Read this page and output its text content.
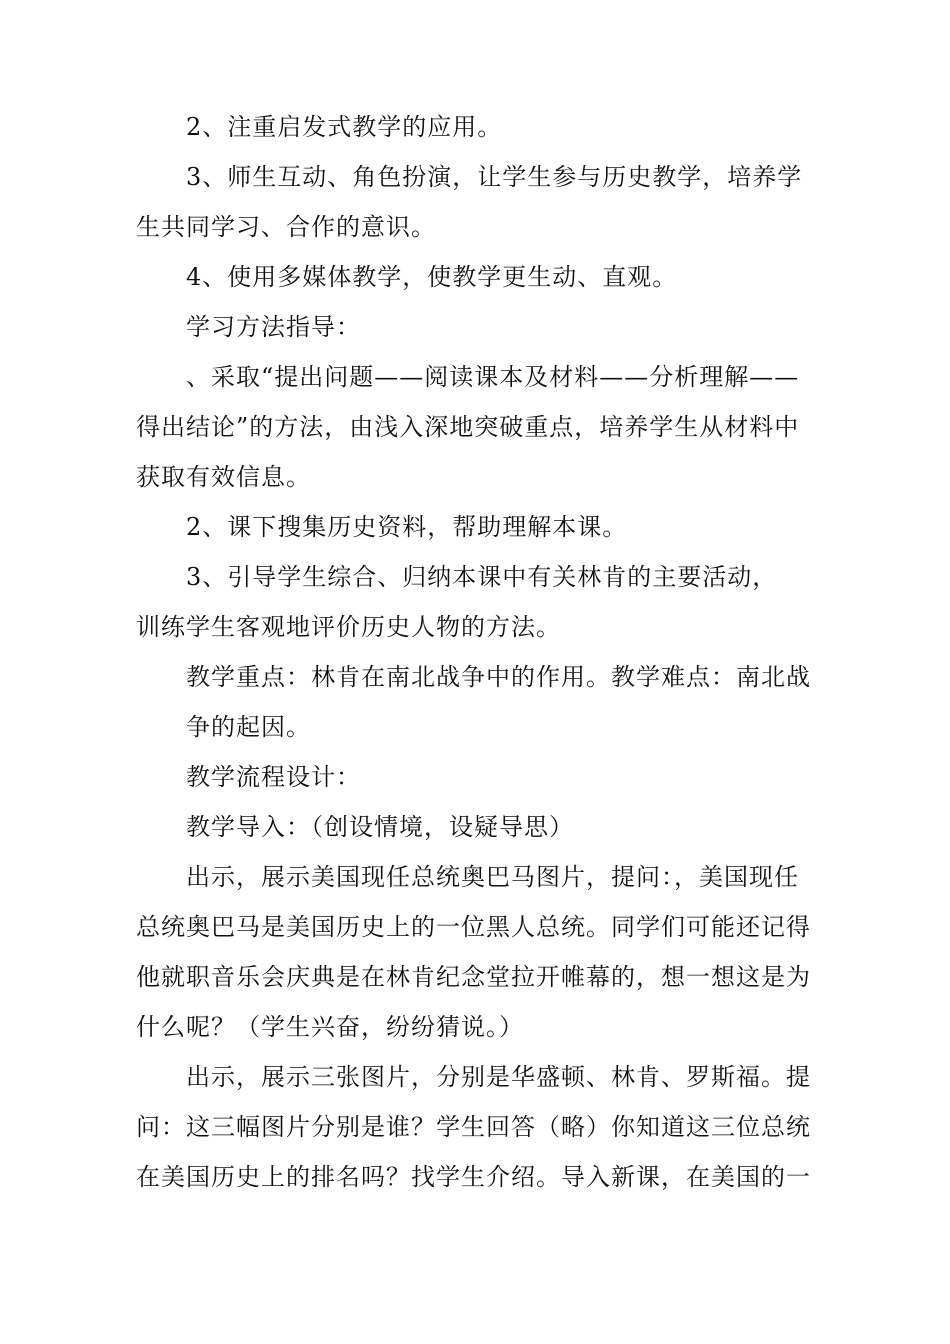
2、注重启发式教学的应用。
3、师生互动、角色扮演，让学生参与历史教学，培养学
生共同学习、合作的意识。
4、使用多媒体教学，使教学更生动、直观。
学习方法指导：
、采取“提出问题——阅读课本及材料——分析理解——
得出结论”的方法，由浅入深地突破重点，培养学生从材料中
获取有效信息。
2、课下搜集历史资料，帮助理解本课。
3、引导学生综合、归纳本课中有关林肯的主要活动，
训练学生客观地评价历史人物的方法。
教学重点：林肯在南北战争中的作用。教学难点：南北战
争的起因。
教学流程设计：
教学导入：（创设情境，设疑导思）
出示，展示美国现任总统奥巴马图片，提问：，美国现任
总统奥巴马是美国历史上的一位黑人总统。同学们可能还记得
他就职音乐会庆典是在林肯纪念堂拉开帷幕的，想一想这是为
什么呢？（学生兴奋，纷纷猜说。）
出示，展示三张图片，分别是华盛顿、林肯、罗斯福。提
问：这三幅图片分别是谁？学生回答（略）你知道这三位总统
在美国历史上的排名吗？找学生介绍。导入新课，在美国的一
